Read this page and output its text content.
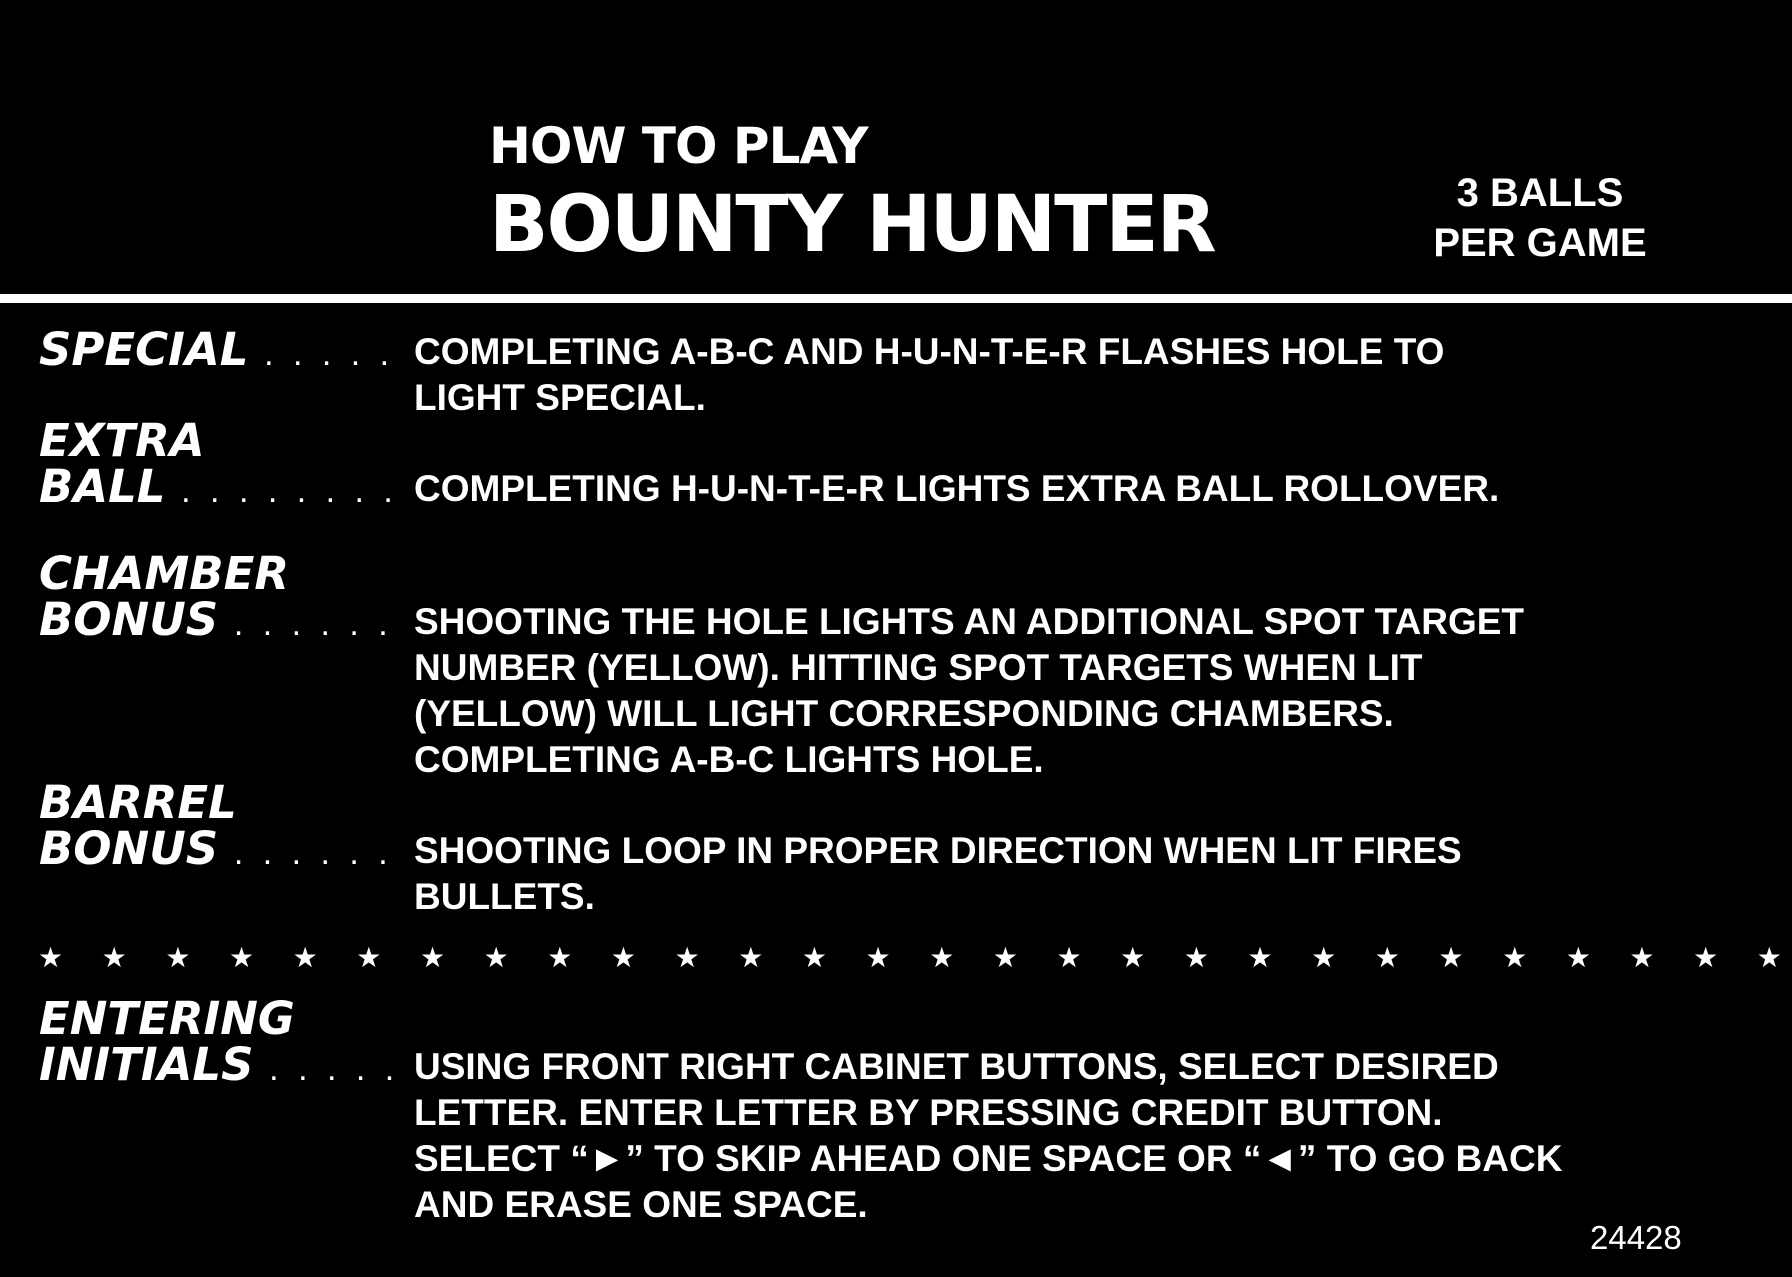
HOW TO PLAY
BOUNTY HUNTER	3 BALLS
PER GAME
SPECIAL . . . . . COMPLETING A-B-C AND H-U-N-T-E-R FLASHES HOLE TO
LIGHT SPECIAL.
EXTRA
BALL . . . . . . . . COMPLETING H-U-N-T-E-R LIGHTS EXTRA BALL ROLLOVER.
CHAMBER
BONUS . . . . . . SHOOTING THE HOLE LIGHTS AN ADDITIONAL SPOT TARGET
NUMBER (YELLOW). HITTING SPOT TARGETS WHEN LIT
(YELLOW) WILL LIGHT CORRESPONDING CHAMBERS.
COMPLETING A-B-C LIGHTS HOLE.
BARREL
BONUS . . . . . . SHOOTING LOOP IN PROPER DIRECTION WHEN LIT FIRES
BULLETS.
★ ★ ★ ★ ★ ★ ★ ★ ★ ★ ★ ★ ★ ★ ★ ★ ★ ★ ★ ★ ★ ★ ★ ★ ★ ★ ★ ★
ENTERING
INITIALS . . . . . USING FRONT RIGHT CABINET BUTTONS, SELECT DESIRED
LETTER. ENTER LETTER BY PRESSING CREDIT BUTTON.
SELECT “►” TO SKIP AHEAD ONE SPACE OR “◄” TO GO BACK
AND ERASE ONE SPACE.
24428
